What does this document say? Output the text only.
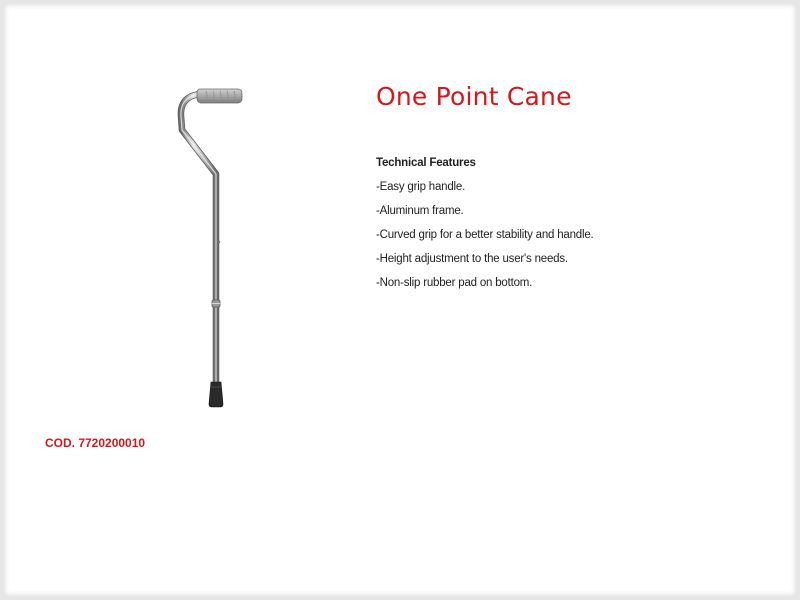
One Point Cane
Technical Features
-Easy grip handle.
-Aluminum frame.
-Curved grip for a better stability and handle.
-Height adjustment to the user's needs.
-Non-slip rubber pad on bottom.
COD. 7720200010
